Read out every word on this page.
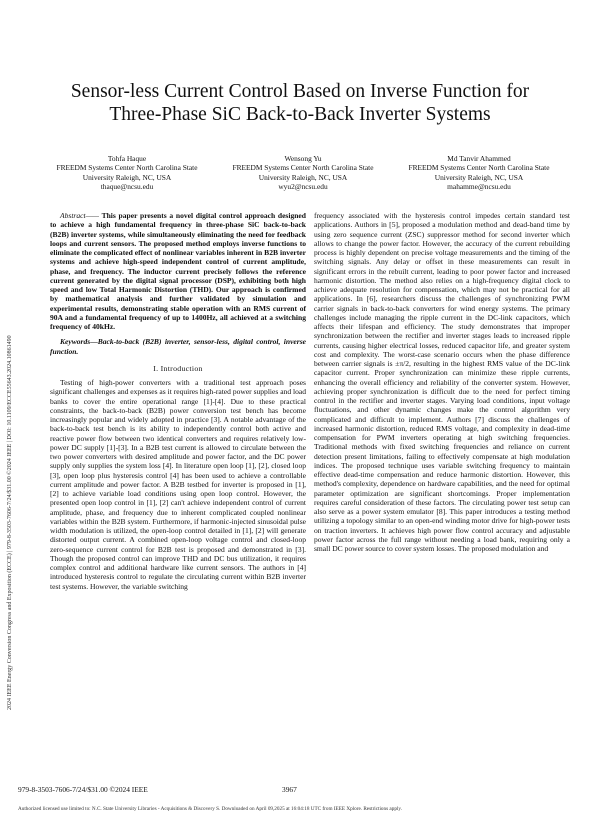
2024 IEEE Energy Conversion Congress and Exposition (ECCE) | 979-8-3503-7606-7/24/$31.00 ©2024 IEEE | DOI: 10.1109/ECCE55643.2024.10861490
Sensor-less Current Control Based on Inverse Function for Three-Phase SiC Back-to-Back Inverter Systems
Tohfa Haque
FREEDM Systems Center North Carolina State University Raleigh, NC, USA
thaque@ncsu.edu
Wensong Yu
FREEDM Systems Center North Carolina State University Raleigh, NC, USA
wyu2@ncsu.edu
Md Tanvir Ahammed
FREEDM Systems Center North Carolina State University Raleigh, NC, USA
mahamme@ncsu.edu

Abstract—— This paper presents a novel digital control approach designed to achieve a high fundamental frequency in three-phase SiC back-to-back (B2B) inverter systems, while simultaneously eliminating the need for feedback loops and current sensors. The proposed method employs inverse functions to eliminate the complicated effect of nonlinear variables inherent in B2B inverter systems and achieve high-speed independent control of current amplitude, phase, and frequency. The inductor current precisely follows the reference current generated by the digital signal processor (DSP), exhibiting both high speed and low Total Harmonic Distortion (THD). Our approach is confirmed by mathematical analysis and further validated by simulation and experimental results, demonstrating stable operation with an RMS current of 90A and a fundamental frequency of up to 1400Hz, all achieved at a switching frequency of 40kHz.

Keywords—Back-to-back (B2B) inverter, sensor-less, digital control, inverse function.

I. Introduction

Testing of high-power converters with a traditional test approach poses significant challenges and expenses as it requires high-rated power supplies and load banks to cover the entire operational range [1]-[4]. Due to these practical constraints, the back-to-back (B2B) power conversion test bench has become increasingly popular and widely adopted in practice [3]. A notable advantage of the back-to-back test bench is its ability to independently control both active and reactive power flow between two identical converters and requires relatively low-power DC supply [1]-[3]. In a B2B test current is allowed to circulate between the two power converters with desired amplitude and power factor, and the DC power supply only supplies the system loss [4]. In literature open loop [1], [2], closed loop [3], open loop plus hysteresis control [4] has been used to achieve a controllable current amplitude and power factor. A B2B testbed for inverter is proposed in [1], [2] to achieve variable load conditions using open loop control. However, the presented open loop control in [1], [2] can't achieve independent control of current amplitude, phase, and frequency due to inherent complicated coupled nonlinear variables within the B2B system. Furthermore, if harmonic-injected sinusoidal pulse width modulation is utilized, the open-loop control detailed in [1], [2] will generate distorted output current. A combined open-loop voltage control and closed-loop zero-sequence current control for B2B test is proposed and demonstrated in [3]. Though the proposed control can improve THD and DC bus utilization, it requires complex control and additional hardware like current sensors. The authors in [4] introduced hysteresis control to regulate the circulating current within B2B inverter test systems. However, the variable switching

frequency associated with the hysteresis control impedes certain standard test applications. Authors in [5], proposed a modulation method and dead-band time by using zero sequence current (ZSC) suppressor method for second inverter which allows to change the power factor. However, the accuracy of the current rebuilding process is highly dependent on precise voltage measurements and the timing of the switching signals. Any delay or offset in these measurements can result in significant errors in the rebuilt current, leading to poor power factor and increased harmonic distortion. The method also relies on a high-frequency digital clock to achieve adequate resolution for compensation, which may not be practical for all applications. In [6], researchers discuss the challenges of synchronizing PWM carrier signals in back-to-back converters for wind energy systems. The primary challenges include managing the ripple current in the DC-link capacitors, which affects their lifespan and efficiency. The study demonstrates that improper synchronization between the rectifier and inverter stages leads to increased ripple currents, causing higher electrical losses, reduced capacitor life, and greater system cost and complexity. The worst-case scenario occurs when the phase difference between carrier signals is ±π/2, resulting in the highest RMS value of the DC-link capacitor current. Proper synchronization can minimize these ripple currents, enhancing the overall efficiency and reliability of the converter system. However, achieving proper synchronization is difficult due to the need for perfect timing control in the rectifier and inverter stages. Varying load conditions, input voltage fluctuations, and other dynamic changes make the control algorithm very complicated and difficult to implement. Authors [7] discuss the challenges of increased harmonic distortion, reduced RMS voltage, and complexity in dead-time compensation for PWM inverters operating at high switching frequencies. Traditional methods with fixed switching frequencies and reliance on current detection present limitations, failing to effectively compensate at high modulation indices. The proposed technique uses variable switching frequency to maintain effective dead-time compensation and reduce harmonic distortion. However, this method's complexity, dependence on hardware capabilities, and the need for optimal parameter optimization are significant shortcomings. Proper implementation requires careful consideration of these factors. The circulating power test setup can also serve as a power system emulator [8]. This paper introduces a testing method utilizing a topology similar to an open-end winding motor drive for high-power tests on traction inverters. It achieves high power flow control accuracy and adjustable power factor across the full range without needing a load bank, requiring only a small DC power source to cover system losses. The proposed modulation and

979-8-3503-7606-7/24/$31.00 ©2024 IEEE	3967
Authorized licensed use limited to: N.C. State University Libraries - Acquisitions & Discovery S. Downloaded on April 09,2025 at 16:04:18 UTC from IEEE Xplore. Restrictions apply.
